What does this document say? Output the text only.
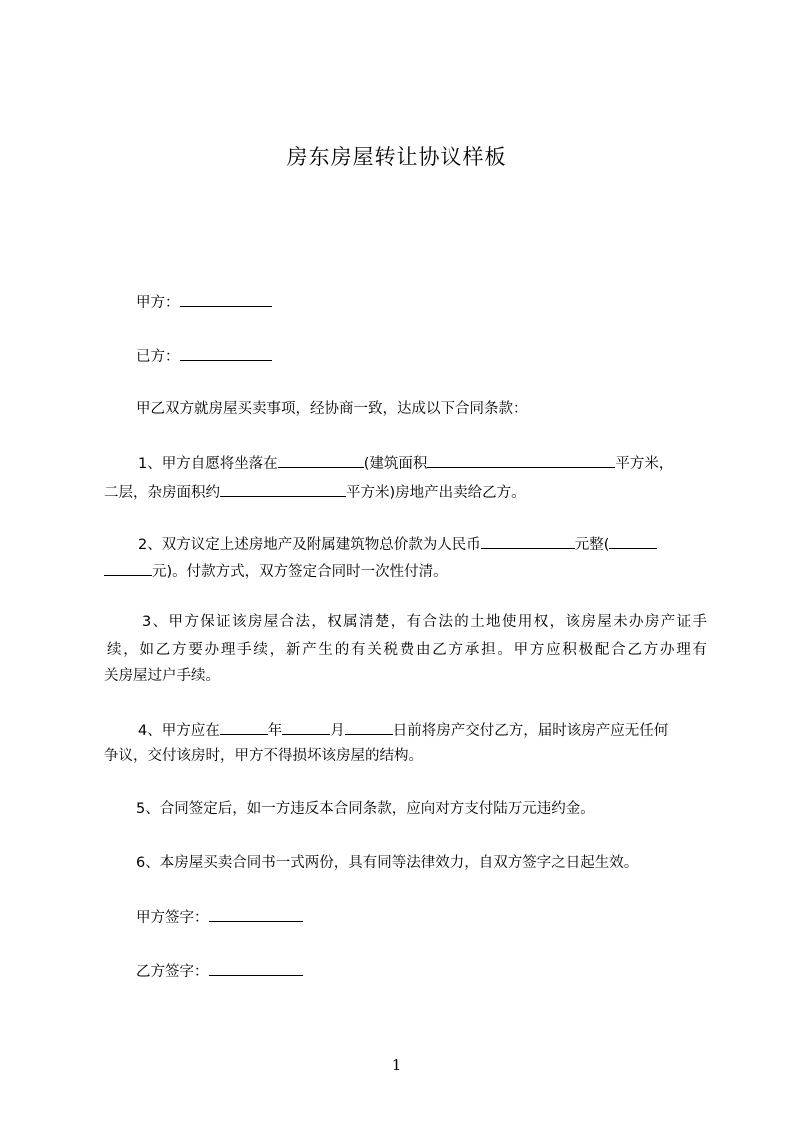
房东房屋转让协议样板
甲方：
已方：
甲乙双方就房屋买卖事项，经协商一致，达成以下合同条款：
1、甲方自愿将坐落在	(建筑面积	平方米，
二层，杂房面积约	平方米)房地产出卖给乙方。
2、双方议定上述房地产及附属建筑物总价款为人民币	元整(
元)。付款方式，双方签定合同时一次性付清。
3、甲方保证该房屋合法，权属清楚，有合法的土地使用权，该房屋未办房产证手
续，如乙方要办理手续，新产生的有关税费由乙方承担。甲方应积极配合乙方办理有
关房屋过户手续。
4、甲方应在	年	月	日前将房产交付乙方，届时该房产应无任何
争议，交付该房时，甲方不得损坏该房屋的结构。
5、合同签定后，如一方违反本合同条款，应向对方支付陆万元违约金。
6、本房屋买卖合同书一式两份，具有同等法律效力，自双方签字之日起生效。
甲方签字：
乙方签字：
1
